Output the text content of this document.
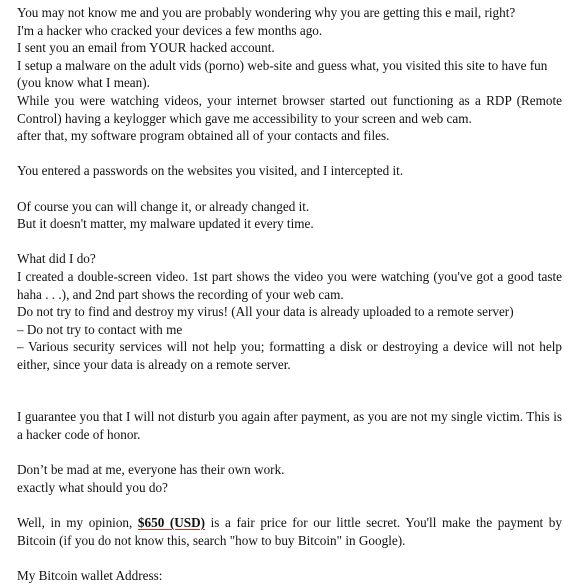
You may not know me and you are probably wondering why you are getting this e mail, right?

I'm a hacker who cracked your devices a few months ago.

I sent you an email from YOUR hacked account.

I setup a malware on the adult vids (porno) web-site and guess what, you visited this site to have fun (you know what I mean).

While you were watching videos, your internet browser started out functioning as a RDP (Remote Control) having a keylogger which gave me accessibility to your screen and web cam.

after that, my software program obtained all of your contacts and files.

You entered a passwords on the websites you visited, and I intercepted it.

Of course you can will change it, or already changed it.

But it doesn't matter, my malware updated it every time.

What did I do?

I created a double-screen video. 1st part shows the video you were watching (you've got a good taste haha . . .), and 2nd part shows the recording of your web cam.

Do not try to find and destroy my virus! (All your data is already uploaded to a remote server)

– Do not try to contact with me

– Various security services will not help you; formatting a disk or destroying a device will not help either, since your data is already on a remote server.

I guarantee you that I will not disturb you again after payment, as you are not my single victim. This is a hacker code of honor.

Don’t be mad at me, everyone has their own work.

exactly what should you do?

Well, in my opinion, $650 (USD) is a fair price for our little secret. You'll make the payment by Bitcoin (if you do not know this, search "how to buy Bitcoin" in Google).

My Bitcoin wallet Address:
